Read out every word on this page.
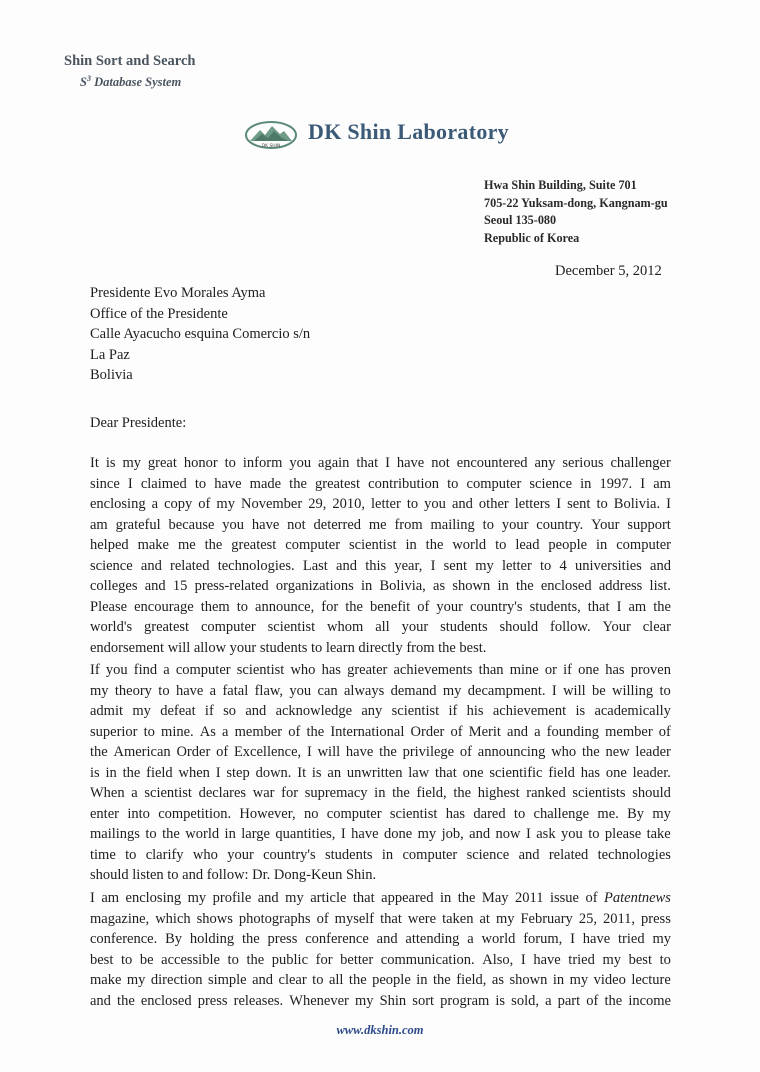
Shin Sort and Search
$S^3$ Database System
DK SHIN
DK Shin Laboratory
Hwa Shin Building, Suite 701
705-22 Yuksam-dong, Kangnam-gu
Seoul 135-080
Republic of Korea
December 5, 2012
Presidente Evo Morales Ayma
Office of the Presidente
Calle Ayacucho esquina Comercio s/n
La Paz
Bolivia
Dear Presidente:
It is my great honor to inform you again that I have not encountered any serious challenger
since I claimed to have made the greatest contribution to computer science in 1997. I am
enclosing a copy of my November 29, 2010, letter to you and other letters I sent to Bolivia. I
am grateful because you have not deterred me from mailing to your country. Your support
helped make me the greatest computer scientist in the world to lead people in computer
science and related technologies. Last and this year, I sent my letter to 4 universities and
colleges and 15 press-related organizations in Bolivia, as shown in the enclosed address list.
Please encourage them to announce, for the benefit of your country's students, that I am the
world's greatest computer scientist whom all your students should follow. Your clear
endorsement will allow your students to learn directly from the best.
If you find a computer scientist who has greater achievements than mine or if one has proven
my theory to have a fatal flaw, you can always demand my decampment. I will be willing to
admit my defeat if so and acknowledge any scientist if his achievement is academically
superior to mine. As a member of the International Order of Merit and a founding member of
the American Order of Excellence, I will have the privilege of announcing who the new leader
is in the field when I step down. It is an unwritten law that one scientific field has one leader.
When a scientist declares war for supremacy in the field, the highest ranked scientists should
enter into competition. However, no computer scientist has dared to challenge me. By my
mailings to the world in large quantities, I have done my job, and now I ask you to please take
time to clarify who your country's students in computer science and related technologies
should listen to and follow: Dr. Dong-Keun Shin.
I am enclosing my profile and my article that appeared in the May 2011 issue of Patentnews
magazine, which shows photographs of myself that were taken at my February 25, 2011, press
conference. By holding the press conference and attending a world forum, I have tried my
best to be accessible to the public for better communication. Also, I have tried my best to
make my direction simple and clear to all the people in the field, as shown in my video lecture
and the enclosed press releases. Whenever my Shin sort program is sold, a part of the income
www.dkshin.com
